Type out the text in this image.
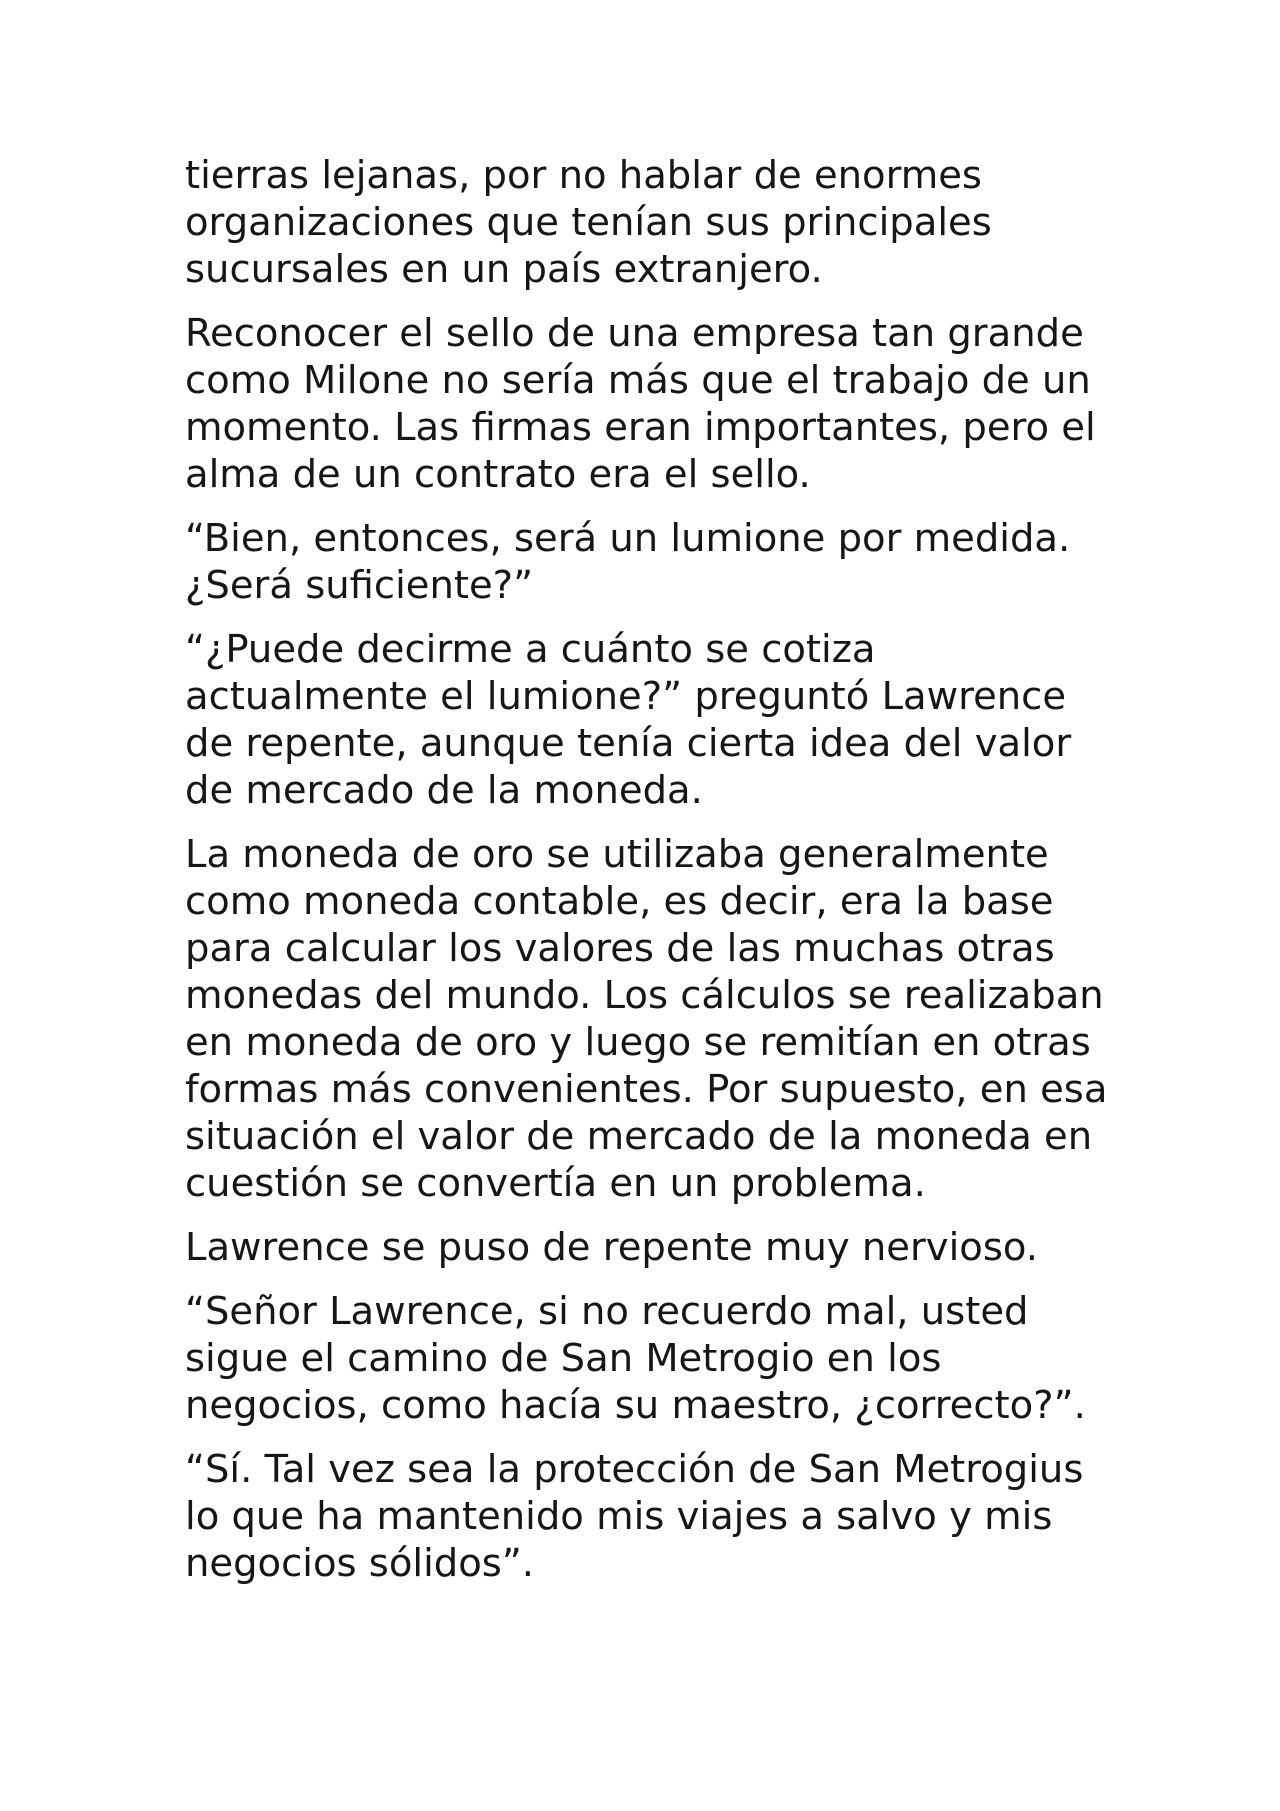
tierras lejanas, por no hablar de enormes organizaciones que tenían sus principales sucursales en un país extranjero.

Reconocer el sello de una empresa tan grande como Milone no sería más que el trabajo de un momento. Las firmas eran importantes, pero el alma de un contrato era el sello.

“Bien, entonces, será un lumione por medida. ¿Será suficiente?”

“¿Puede decirme a cuánto se cotiza actualmente el lumione?” preguntó Lawrence de repente, aunque tenía cierta idea del valor de mercado de la moneda.

La moneda de oro se utilizaba generalmente como moneda contable, es decir, era la base para calcular los valores de las muchas otras monedas del mundo. Los cálculos se realizaban en moneda de oro y luego se remitían en otras formas más convenientes. Por supuesto, en esa situación el valor de mercado de la moneda en cuestión se convertía en un problema.

Lawrence se puso de repente muy nervioso.

“Señor Lawrence, si no recuerdo mal, usted sigue el camino de San Metrogio en los negocios, como hacía su maestro, ¿correcto?”.

“Sí. Tal vez sea la protección de San Metrogius lo que ha mantenido mis viajes a salvo y mis negocios sólidos”.
